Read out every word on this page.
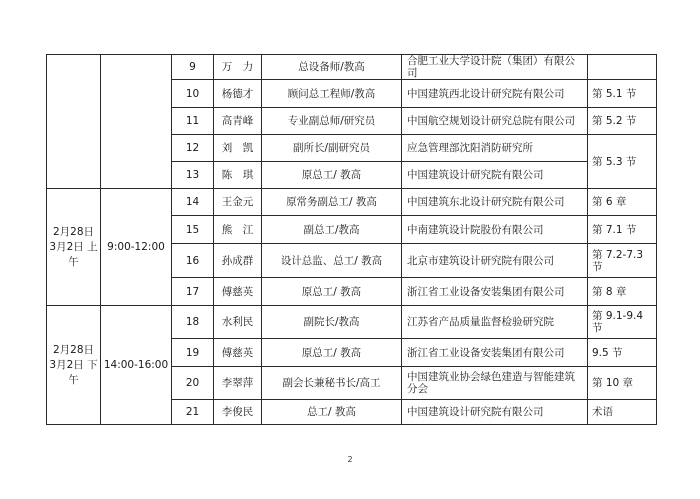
		9	万　力	总设备师/教高	合肥工业大学设计院（集团）有限公司	
		10	杨德才	顾问总工程师/教高	中国建筑西北设计研究院有限公司	第 5.1 节
		11	高青峰	专业副总师/研究员	中国航空规划设计研究总院有限公司	第 5.2 节
		12	刘　凯	副所长/副研究员	应急管理部沈阳消防研究所	第 5.3 节
		13	陈　琪	原总工/ 教高	中国建筑设计研究院有限公司	
2月28日 3月2日 上午	9:00-12:00	14	王金元	原常务副总工/ 教高	中国建筑东北设计研究院有限公司	第 6 章
		15	熊　江	副总工/教高	中南建筑设计院股份有限公司	第 7.1 节
		16	孙成群	设计总监、总工/ 教高	北京市建筑设计研究院有限公司	第 7.2-7.3 节
		17	傅慈英	原总工/ 教高	浙江省工业设备安装集团有限公司	第 8 章
2月28日 3月2日 下午	14:00-16:00	18	水利民	副院长/教高	江苏省产品质量监督检验研究院	第 9.1-9.4 节
		19	傅慈英	原总工/ 教高	浙江省工业设备安装集团有限公司	9.5 节
		20	李翠萍	副会长兼秘书长/高工	中国建筑业协会绿色建造与智能建筑分会	第 10 章
		21	李俊民	总工/ 教高	中国建筑设计研究院有限公司	术语
2
